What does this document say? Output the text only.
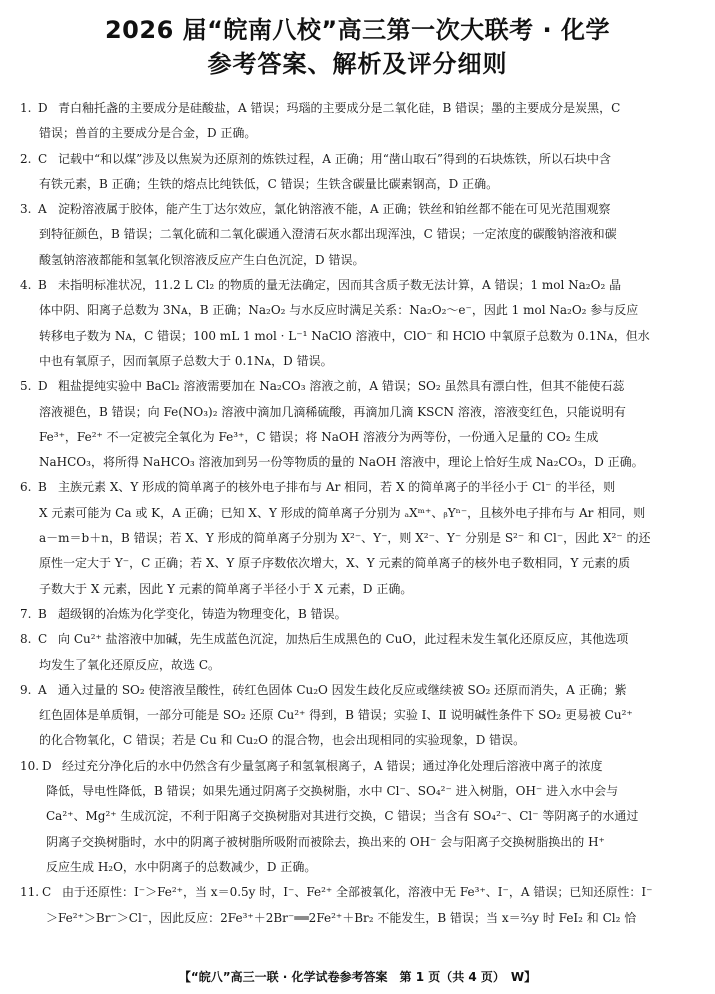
2026 届“皖南八校”高三第一次大联考 · 化学
参考答案、解析及评分细则
1. D 青白釉托盏的主要成分是硅酸盐，A 错误；玛瑙的主要成分是二氧化硅，B 错误；墨的主要成分是炭黑，C
错误；兽首的主要成分是合金，D 正确。
2. C 记载中“和以煤”涉及以焦炭为还原剂的炼铁过程，A 正确；用“凿山取石”得到的石块炼铁，所以石块中含
有铁元素，B 正确；生铁的熔点比纯铁低，C 错误；生铁含碳量比碳素钢高，D 正确。
3. A 淀粉溶液属于胶体，能产生丁达尔效应，氯化钠溶液不能，A 正确；铁丝和铂丝都不能在可见光范围观察
到特征颜色，B 错误；二氧化硫和二氧化碳通入澄清石灰水都出现浑浊，C 错误；一定浓度的碳酸钠溶液和碳
酸氢钠溶液都能和氢氧化钡溶液反应产生白色沉淀，D 错误。
4. B 未指明标准状况，11.2 L Cl₂ 的物质的量无法确定，因而其含质子数无法计算，A 错误；1 mol Na₂O₂ 晶
体中阴、阳离子总数为 3Nᴀ，B 正确；Na₂O₂ 与水反应时满足关系：Na₂O₂～e⁻，因此 1 mol Na₂O₂ 参与反应
转移电子数为 Nᴀ，C 错误；100 mL 1 mol · L⁻¹ NaClO 溶液中，ClO⁻ 和 HClO 中氧原子总数为 0.1Nᴀ，但水
中也有氧原子，因而氧原子总数大于 0.1Nᴀ，D 错误。
5. D 粗盐提纯实验中 BaCl₂ 溶液需要加在 Na₂CO₃ 溶液之前，A 错误；SO₂ 虽然具有漂白性，但其不能使石蕊
溶液褪色，B 错误；向 Fe(NO₃)₂ 溶液中滴加几滴稀硫酸，再滴加几滴 KSCN 溶液，溶液变红色，只能说明有
Fe³⁺，Fe²⁺ 不一定被完全氧化为 Fe³⁺，C 错误；将 NaOH 溶液分为两等份，一份通入足量的 CO₂ 生成
NaHCO₃，将所得 NaHCO₃ 溶液加到另一份等物质的量的 NaOH 溶液中，理论上恰好生成 Na₂CO₃，D 正确。
6. B 主族元素 X、Y 形成的简单离子的核外电子排布与 Ar 相同，若 X 的简单离子的半径小于 Cl⁻ 的半径，则
X 元素可能为 Ca 或 K，A 正确；已知 X、Y 形成的简单离子分别为 ₐXᵐ⁺、ᵦYⁿ⁻，且核外电子排布与 Ar 相同，则
a－m＝b＋n，B 错误；若 X、Y 形成的简单离子分别为 X²⁻、Y⁻，则 X²⁻、Y⁻ 分别是 S²⁻ 和 Cl⁻，因此 X²⁻ 的还
原性一定大于 Y⁻，C 正确；若 X、Y 原子序数依次增大，X、Y 元素的简单离子的核外电子数相同，Y 元素的质
子数大于 X 元素，因此 Y 元素的简单离子半径小于 X 元素，D 正确。
7. B 超级钢的冶炼为化学变化，铸造为物理变化，B 错误。
8. C 向 Cu²⁺ 盐溶液中加碱，先生成蓝色沉淀，加热后生成黑色的 CuO，此过程未发生氧化还原反应，其他选项
均发生了氧化还原反应，故选 C。
9. A 通入过量的 SO₂ 使溶液呈酸性，砖红色固体 Cu₂O 因发生歧化反应或继续被 SO₂ 还原而消失，A 正确；紫
红色固体是单质铜，一部分可能是 SO₂ 还原 Cu²⁺ 得到，B 错误；实验 Ⅰ、Ⅱ 说明碱性条件下 SO₂ 更易被 Cu²⁺
的化合物氧化，C 错误；若是 Cu 和 Cu₂O 的混合物，也会出现相同的实验现象，D 错误。
10. D 经过充分净化后的水中仍然含有少量氢离子和氢氧根离子，A 错误；通过净化处理后溶液中离子的浓度
降低，导电性降低，B 错误；如果先通过阴离子交换树脂，水中 Cl⁻、SO₄²⁻ 进入树脂，OH⁻ 进入水中会与
Ca²⁺、Mg²⁺ 生成沉淀，不利于阳离子交换树脂对其进行交换，C 错误；当含有 SO₄²⁻、Cl⁻ 等阴离子的水通过
阴离子交换树脂时，水中的阴离子被树脂所吸附而被除去，换出来的 OH⁻ 会与阳离子交换树脂换出的 H⁺
反应生成 H₂O，水中阴离子的总数减少，D 正确。
11. C 由于还原性：I⁻＞Fe²⁺，当 x＝0.5y 时，I⁻、Fe²⁺ 全部被氧化，溶液中无 Fe³⁺、I⁻，A 错误；已知还原性：I⁻
＞Fe²⁺＞Br⁻＞Cl⁻，因此反应：2Fe³⁺＋2Br⁻══2Fe²⁺＋Br₂ 不能发生，B 错误；当 x＝²⁄₃y 时 FeI₂ 和 Cl₂ 恰
【“皖八”高三一联 · 化学试卷参考答案　第 1 页（共 4 页）　W】
